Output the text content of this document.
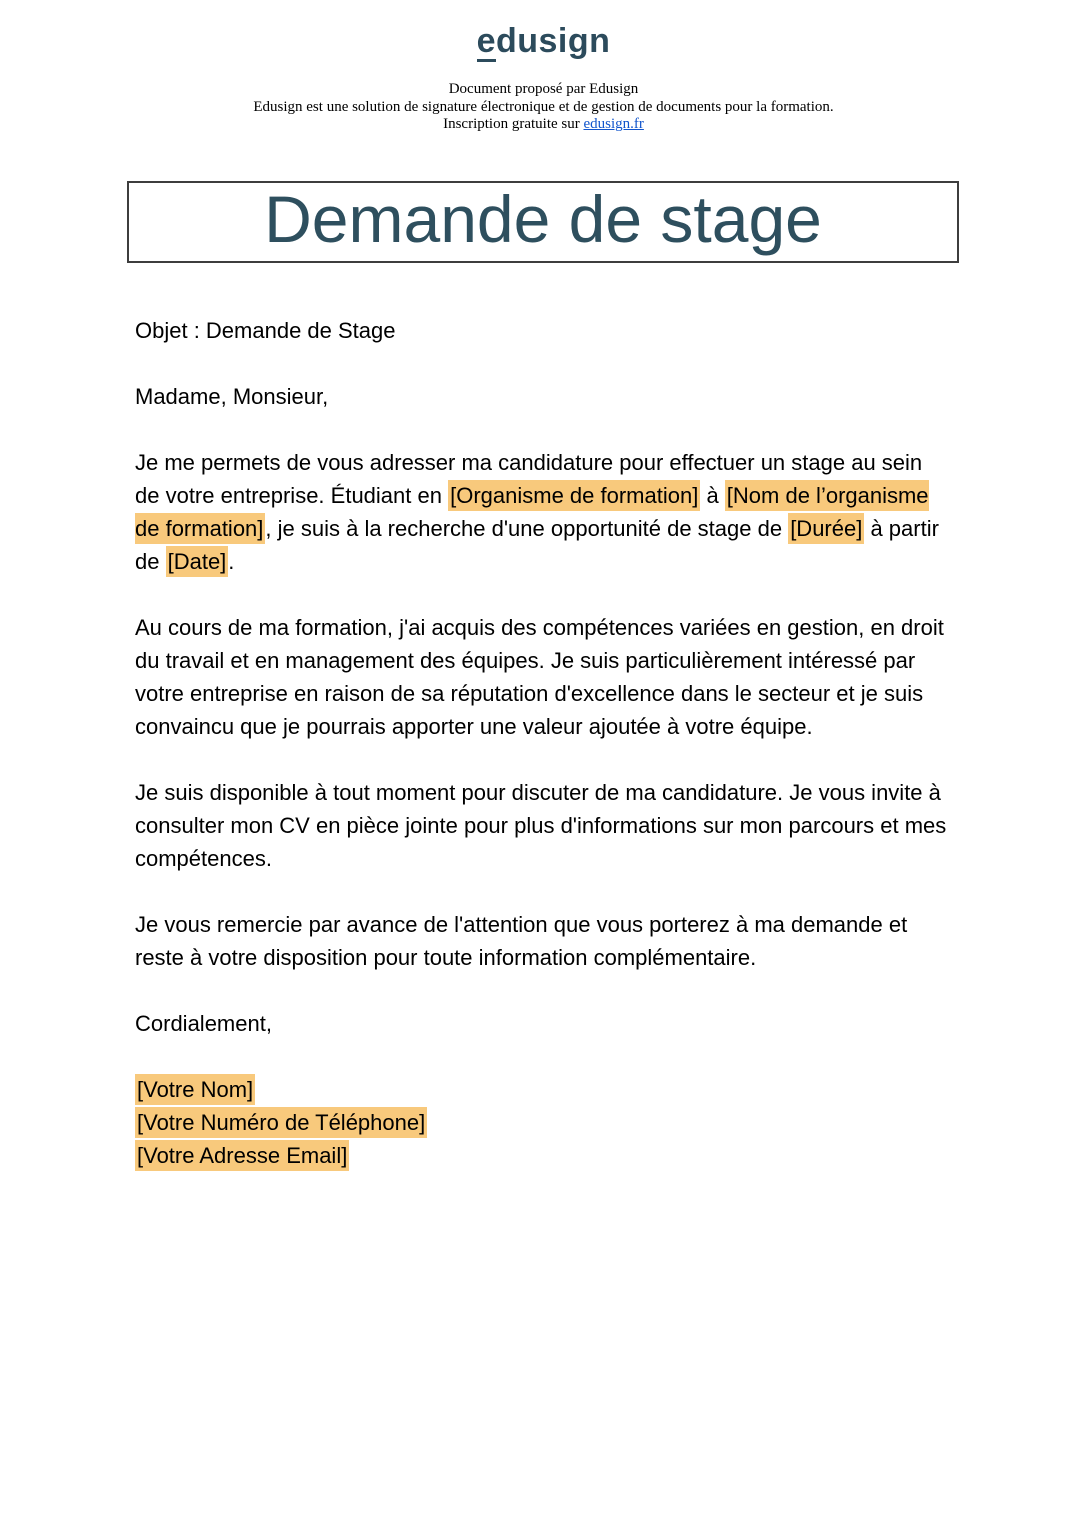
edusign
Document proposé par Edusign
Edusign est une solution de signature électronique et de gestion de documents pour la formation.
Inscription gratuite sur edusign.fr
Demande de stage

Objet : Demande de Stage

Madame, Monsieur,

Je me permets de vous adresser ma candidature pour effectuer un stage au sein de votre entreprise. Étudiant en [Organisme de formation] à [Nom de l’organisme de formation], je suis à la recherche d'une opportunité de stage de [Durée] à partir de [Date].

Au cours de ma formation, j'ai acquis des compétences variées en gestion, en droit du travail et en management des équipes. Je suis particulièrement intéressé par votre entreprise en raison de sa réputation d'excellence dans le secteur et je suis convaincu que je pourrais apporter une valeur ajoutée à votre équipe.

Je suis disponible à tout moment pour discuter de ma candidature. Je vous invite à consulter mon CV en pièce jointe pour plus d'informations sur mon parcours et mes compétences.

Je vous remercie par avance de l'attention que vous porterez à ma demande et reste à votre disposition pour toute information complémentaire.

Cordialement,

[Votre Nom]
[Votre Numéro de Téléphone]
[Votre Adresse Email]
